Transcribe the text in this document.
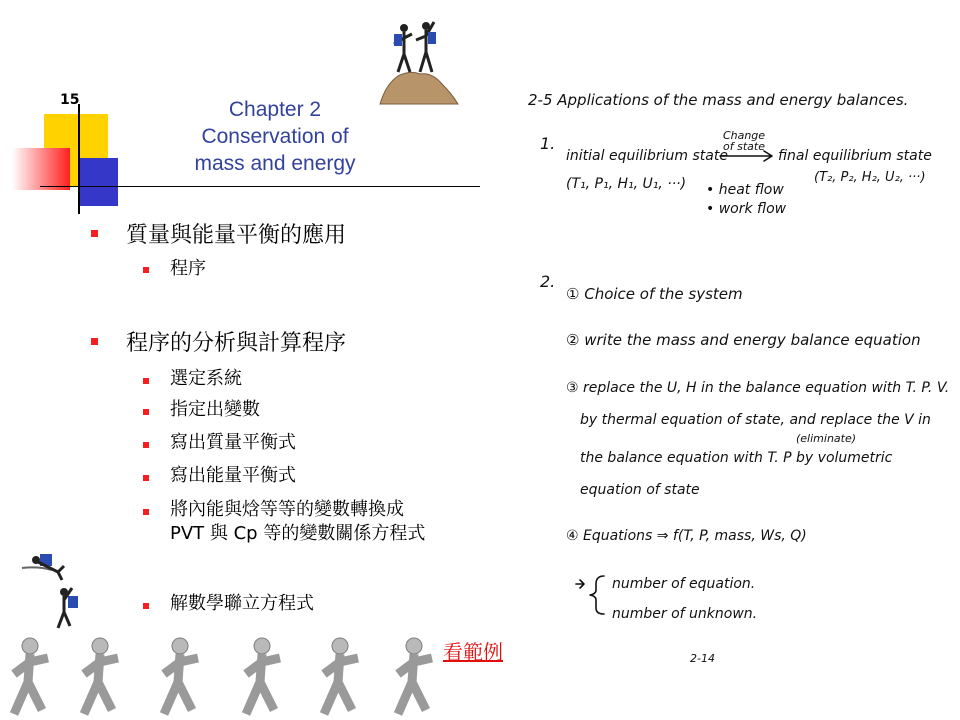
15	Chapter 2
Conservation of
mass and energy
質量與能量平衡的應用
程序
程序的分析與計算程序
選定系統
指定出變數
寫出質量平衡式
寫出能量平衡式
將內能與焓等等的變數轉換成 PVT 與 Cp 等的變數關係方程式
解數學聯立方程式
看範例
2-5 Applications of the mass and energy balances.
1.
initial equilibrium state
(T₁, P₁, H₁, U₁, ···)
Change of state
final equilibrium state
(T₂, P₂, H₂, U₂, ···)
• heat flow
• work flow
2.
① Choice of the system
② write the mass and energy balance equation
③ replace the U, H in the balance equation with T. P. V.
by thermal equation of state, and replace the V in
(eliminate)
the balance equation with T. P by volumetric
equation of state
④ Equations ⇒ f(T, P, mass, Ws, Q)
number of equation.
number of unknown.
2-14
